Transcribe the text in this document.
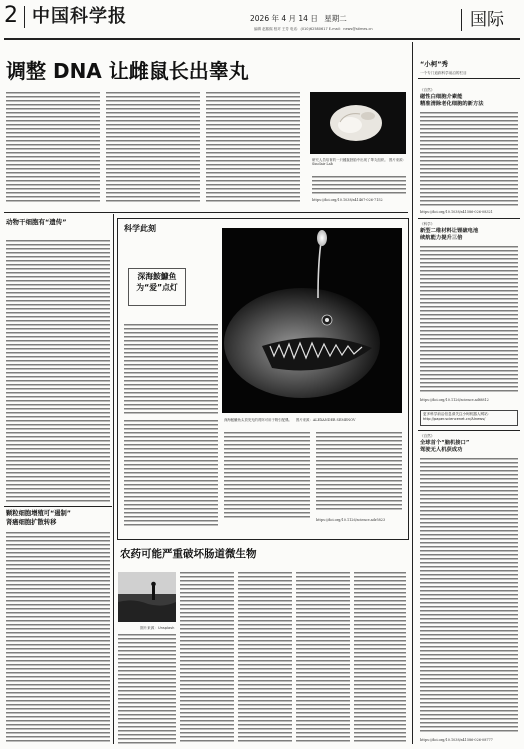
2 中国科学报	2026 年 4 月 14 日 星期二
编辑 赵熙熙 校对 王芳 电话：(010)62580617 E-mail：news@stimes.cn	国际
调整 DNA 让雌鼠长出睾丸
研究人员培育的一只雌鼠胚胎中出现了睾丸组织。 图片来源：Sinclair Lab
https://doi.org/10.1038/s41467-026-7152
动物干细胞有“遗传”
颗粒细胞增殖可“遏制”
肾癌细胞扩散转移
科学此刻
深海鮟鱇鱼
为“爱”点灯
深海鮟鱇鱼头顶发光的诱饵可用于吸引配偶。 图片来源：ALEXANDER SEMENOV
https://doi.org/10.1126/science.adr5823
农药可能严重破坏肠道微生物
图片来源：Unsplash
“小柯”秀
一个专门追踪科学前沿的栏目
《自然》
磁性白细胞介素能
精准清除老化细胞的新方法
https://doi.org/10.1038/s41586-026-08321
《科学》
新型二维材料让锂硫电池
续航能力提升三倍
https://doi.org/10.1126/science.adt8812
更多科学前沿信息请关注小柯机器人网站：
http://paper.sciencenet.cn/AInews/
《自然》
全球首个“脑机接口”
驾驶无人机获成功
https://doi.org/10.1038/s41586-026-08777
